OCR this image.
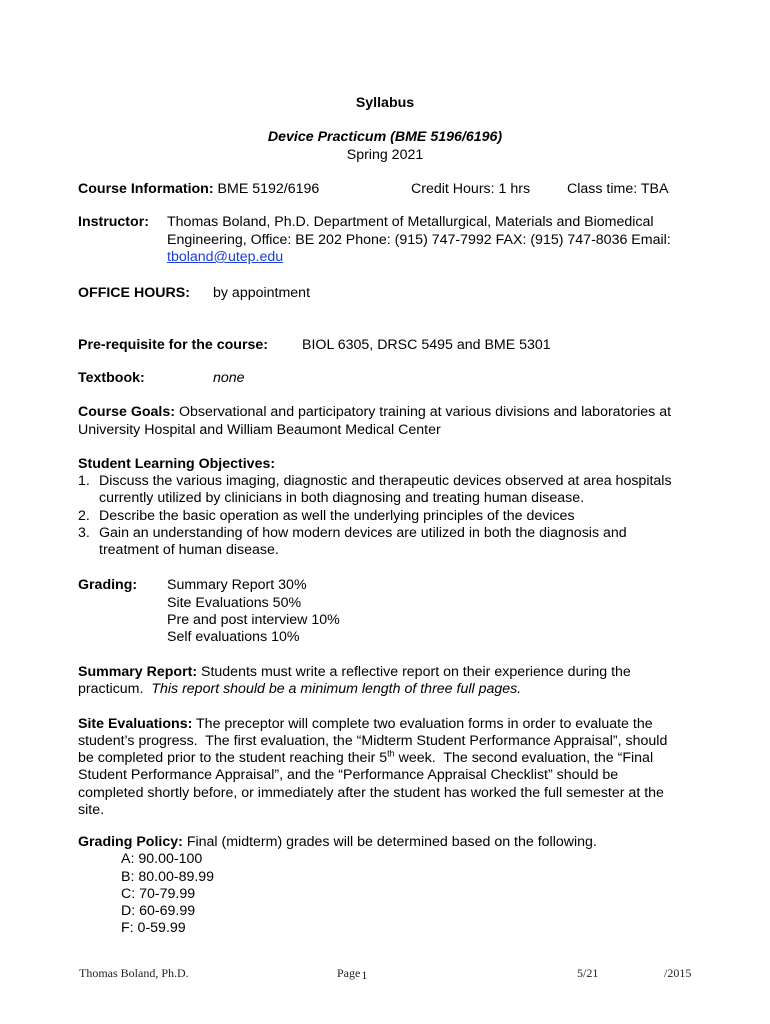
Syllabus
Device Practicum (BME 5196/6196)
Spring 2021
Course Information: BME 5192/6196	Credit Hours: 1 hrs	Class time: TBA
Instructor: Thomas Boland, Ph.D. Department of Metallurgical, Materials and Biomedical
Engineering, Office: BE 202 Phone: (915) 747-7992 FAX: (915) 747-8036 Email:
tboland@utep.edu
OFFICE HOURS: by appointment
Pre-requisite for the course: BIOL 6305, DRSC 5495 and BME 5301
Textbook:	none
Course Goals: Observational and participatory training at various divisions and laboratories at
University Hospital and William Beaumont Medical Center
Student Learning Objectives:
1. Discuss the various imaging, diagnostic and therapeutic devices observed at area hospitals
currently utilized by clinicians in both diagnosing and treating human disease.
2. Describe the basic operation as well the underlying principles of the devices
3. Gain an understanding of how modern devices are utilized in both the diagnosis and
treatment of human disease.
Grading: Summary Report 30%
Site Evaluations 50%
Pre and post interview 10%
Self evaluations 10%
Summary Report: Students must write a reflective report on their experience during the
practicum.  This report should be a minimum length of three full pages.
Site Evaluations: The preceptor will complete two evaluation forms in order to evaluate the
student’s progress.  The first evaluation, the “Midterm Student Performance Appraisal”, should
be completed prior to the student reaching their 5th week.  The second evaluation, the “Final
Student Performance Appraisal”, and the “Performance Appraisal Checklist” should be
completed shortly before, or immediately after the student has worked the full semester at the
site.
Grading Policy: Final (midterm) grades will be determined based on the following.
A: 90.00-100
B: 80.00-89.99
C: 70-79.99
D: 60-69.99
F: 0-59.99
Thomas Boland, Ph.D.	Page1	5/21	/2015
